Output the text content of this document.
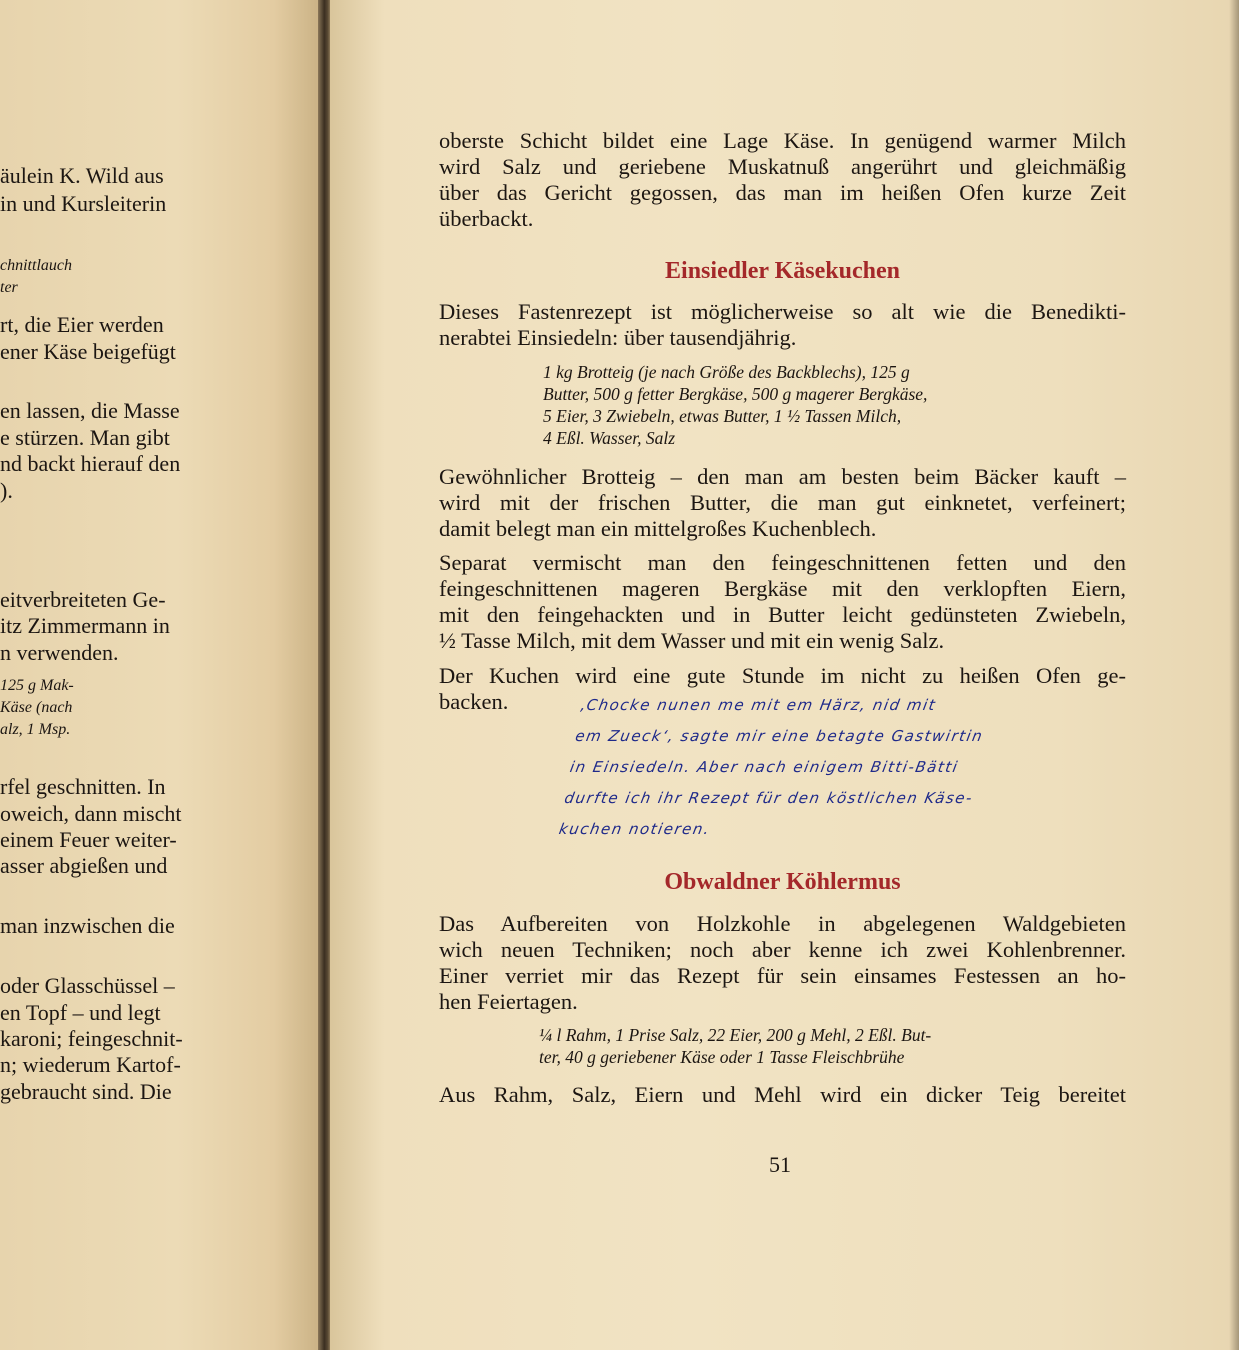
äulein K. Wild aus
in und Kursleiterin
chnittlauch
ter
rt, die Eier werden
ener Käse beigefügt
en lassen, die Masse
e stürzen. Man gibt
nd backt hierauf den
).
eitverbreiteten Ge-
itz Zimmermann in
n verwenden.
125 g Mak-
Käse (nach
alz, 1 Msp.
rfel geschnitten. In
oweich, dann mischt
einem Feuer weiter-
asser abgießen und
man inzwischen die
oder Glasschüssel –
en Topf – und legt
karoni; feingeschnit-
n; wiederum Kartof-
gebraucht sind. Die
oberste Schicht bildet eine Lage Käse. In genügend warmer Milch
wird Salz und geriebene Muskatnuß angerührt und gleichmäßig
über das Gericht gegossen, das man im heißen Ofen kurze Zeit
überbackt.
Einsiedler Käsekuchen
Dieses Fastenrezept ist möglicherweise so alt wie die Benedikti-
nerabtei Einsiedeln: über tausendjährig.
1 kg Brotteig (je nach Größe des Backblechs), 125 g
Butter, 500 g fetter Bergkäse, 500 g magerer Bergkäse,
5 Eier, 3 Zwiebeln, etwas Butter, 1 ½ Tassen Milch,
4 Eßl. Wasser, Salz
Gewöhnlicher Brotteig – den man am besten beim Bäcker kauft –
wird mit der frischen Butter, die man gut einknetet, verfeinert;
damit belegt man ein mittelgroßes Kuchenblech.
Separat vermischt man den feingeschnittenen fetten und den
feingeschnittenen mageren Bergkäse mit den verklopften Eiern,
mit den feingehackten und in Butter leicht gedünsteten Zwiebeln,
½ Tasse Milch, mit dem Wasser und mit ein wenig Salz.
Der Kuchen wird eine gute Stunde im nicht zu heißen Ofen ge-
backen.	‚Chocke nunen me mit em Härz, nid mit
em Zueck‘, sagte mir eine betagte Gastwirtin
in Einsiedeln. Aber nach einigem Bitti-Bätti
durfte ich ihr Rezept für den köstlichen Käse-
kuchen notieren.
Obwaldner Köhlermus
Das Aufbereiten von Holzkohle in abgelegenen Waldgebieten
wich neuen Techniken; noch aber kenne ich zwei Kohlenbrenner.
Einer verriet mir das Rezept für sein einsames Festessen an ho-
hen Feiertagen.
¼ l Rahm, 1 Prise Salz, 22 Eier, 200 g Mehl, 2 Eßl. But-
ter, 40 g geriebener Käse oder 1 Tasse Fleischbrühe
Aus Rahm, Salz, Eiern und Mehl wird ein dicker Teig bereitet
51
